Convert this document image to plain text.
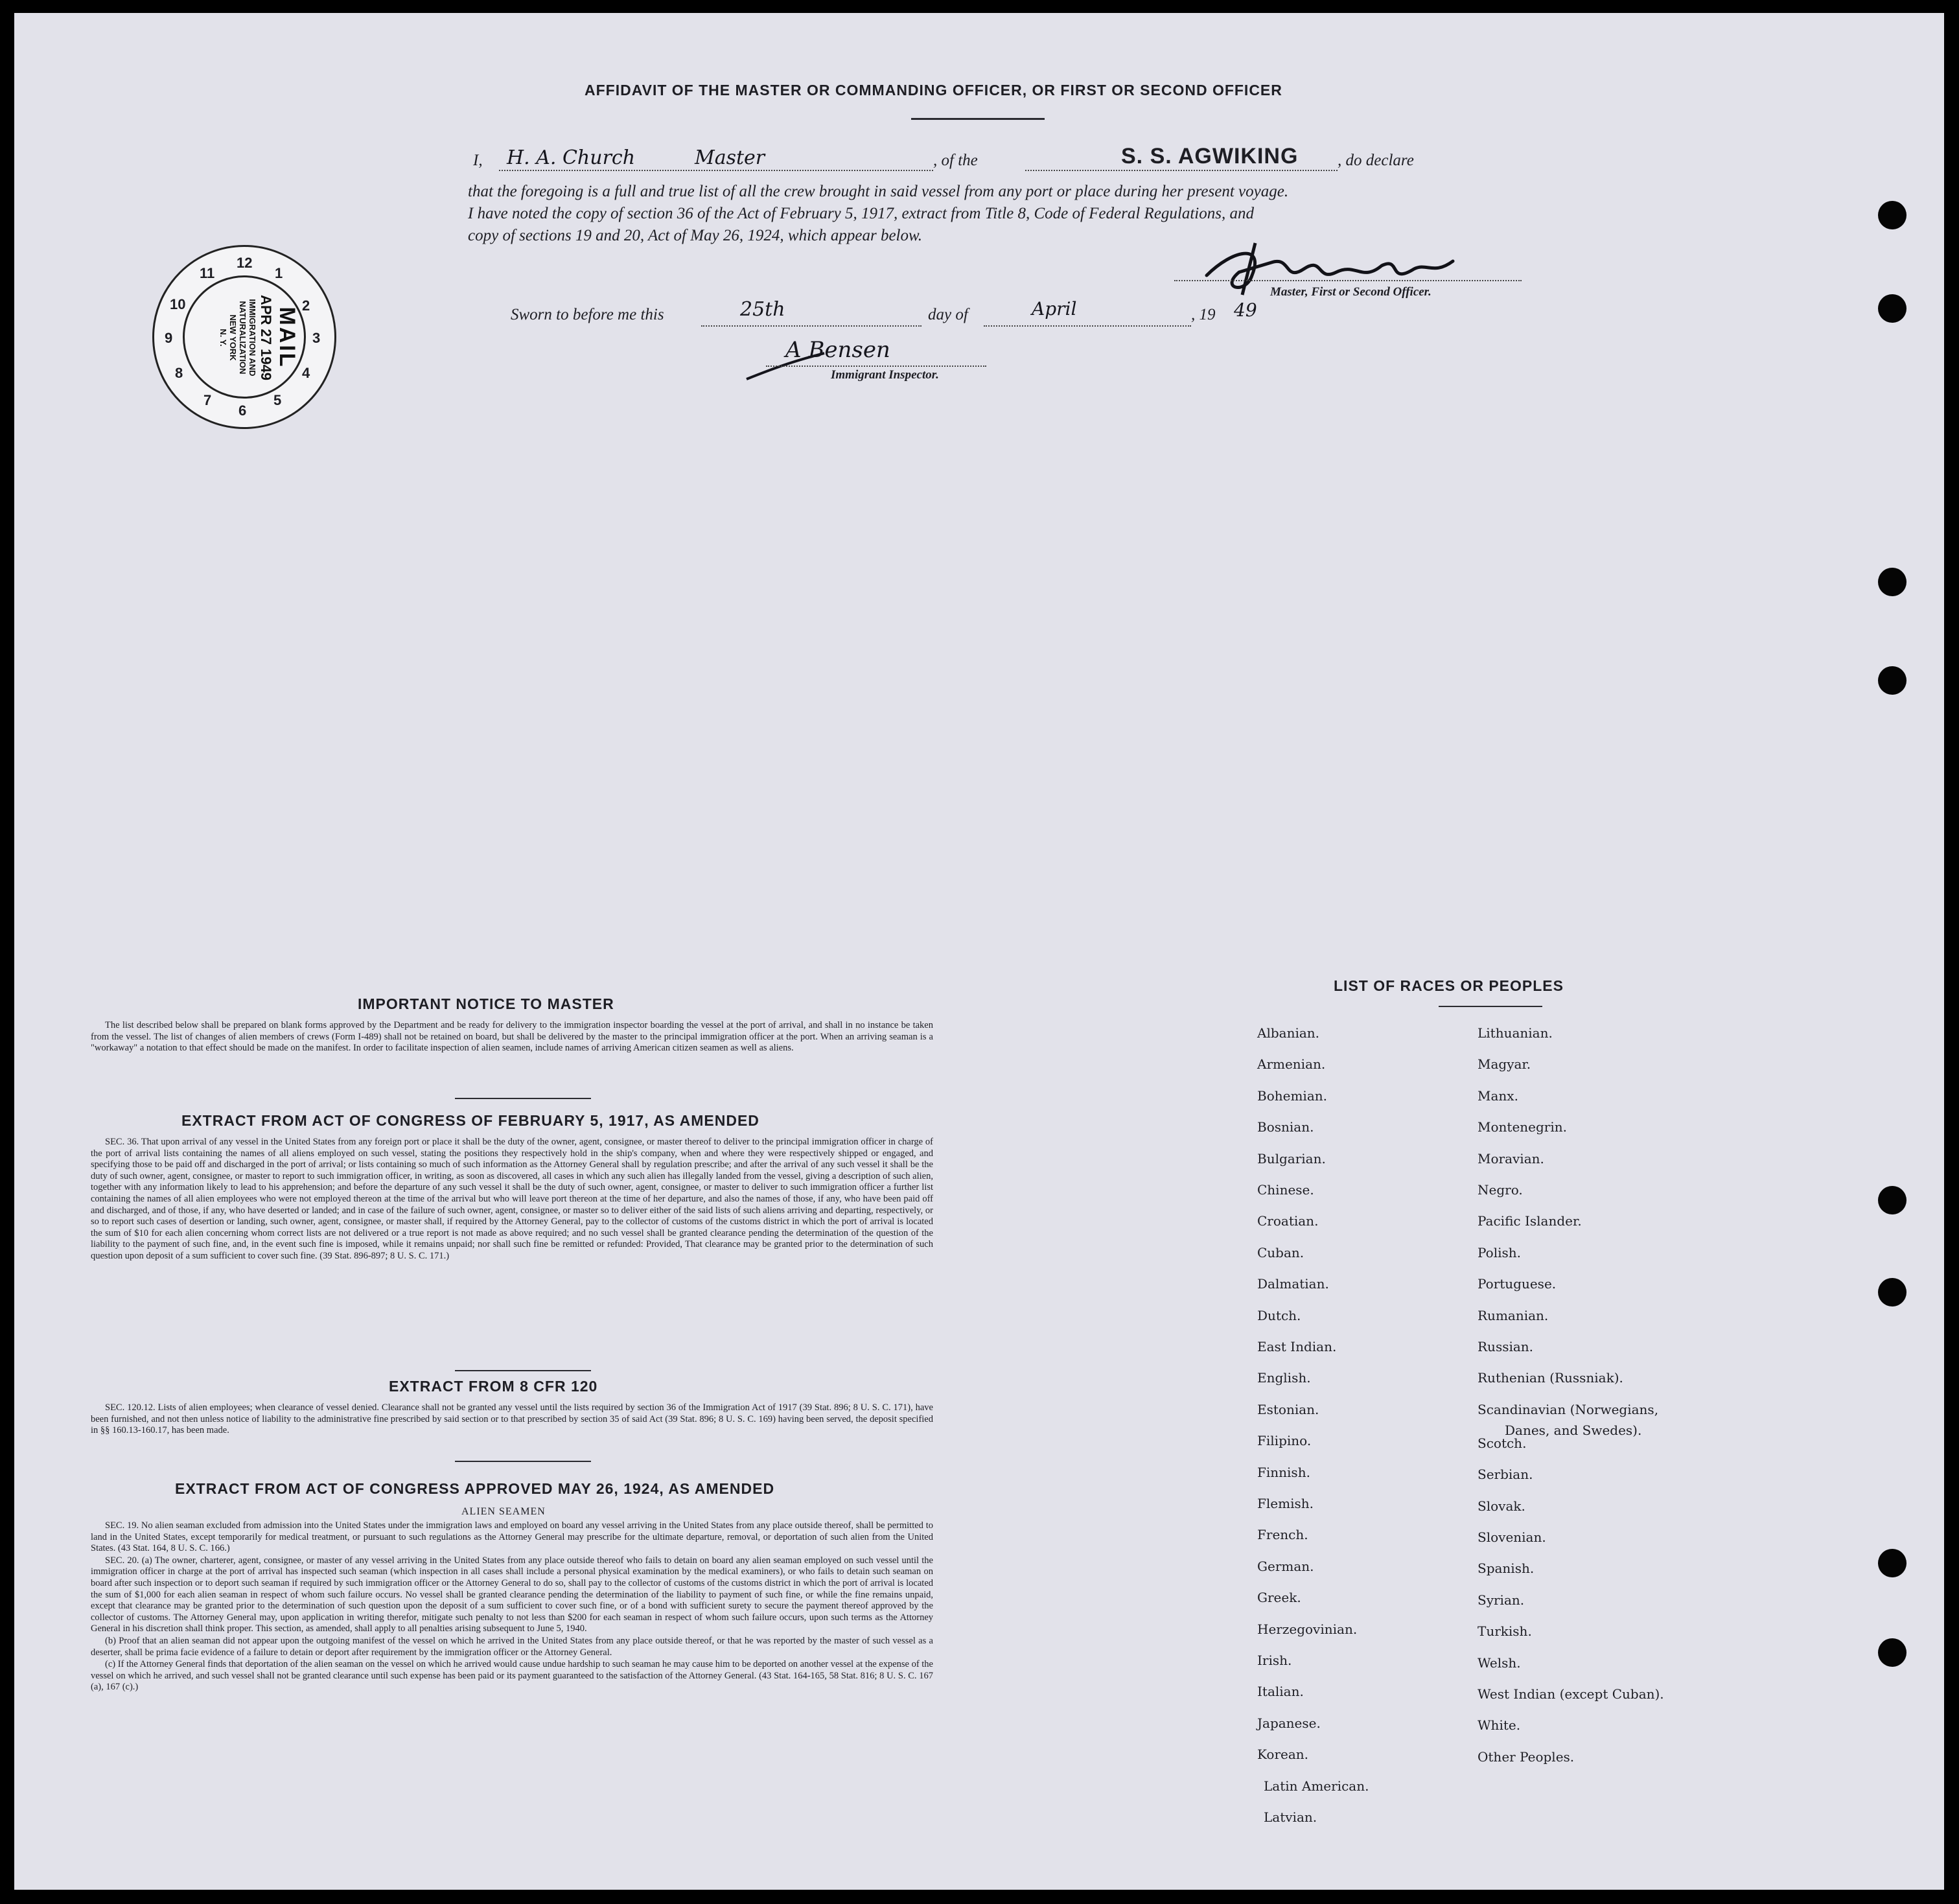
AFFIDAVIT OF THE MASTER OR COMMANDING OFFICER, OR FIRST OR SECOND OFFICER
I, H. A. Church	Master	, of the	S. S. AGWIKING , do declare
that the foregoing is a full and true list of all the crew brought in said vessel from any port or place during her present voyage.
I have noted the copy of section 36 of the Act of February 5, 1917, extract from Title 8, Code of Federal Regulations, and
copy of sections 19 and 20, Act of May 26, 1924, which appear below.
Master, First or Second Officer.
Sworn to before me this	25th	day of	April	, 19 49
A Bensen
Immigrant Inspector.
12
1
2
3
4
5
6
7
8
9
10
11
MAIL
APR 27 1949
IMMIGRATION AND
NATURALIZATION
NEW YORK
N. Y.
IMPORTANT NOTICE TO MASTER

The list described below shall be prepared on blank forms approved by the Department and be ready for delivery to the immigration inspector boarding the vessel at the port of arrival, and shall in no instance be taken from the vessel. The list of changes of alien members of crews (Form I-489) shall not be retained on board, but shall be delivered by the master to the principal immigration officer at the port. When an arriving seaman is a "workaway" a notation to that effect should be made on the manifest. In order to facilitate inspection of alien seamen, include names of arriving American citizen seamen as well as aliens.

EXTRACT FROM ACT OF CONGRESS OF FEBRUARY 5, 1917, AS AMENDED

SEC. 36. That upon arrival of any vessel in the United States from any foreign port or place it shall be the duty of the owner, agent, consignee, or master thereof to deliver to the principal immigration officer in charge of the port of arrival lists containing the names of all aliens employed on such vessel, stating the positions they respectively hold in the ship's company, when and where they were respectively shipped or engaged, and specifying those to be paid off and discharged in the port of arrival; or lists containing so much of such information as the Attorney General shall by regulation prescribe; and after the arrival of any such vessel it shall be the duty of such owner, agent, consignee, or master to report to such immigration officer, in writing, as soon as discovered, all cases in which any such alien has illegally landed from the vessel, giving a description of such alien, together with any information likely to lead to his apprehension; and before the departure of any such vessel it shall be the duty of such owner, agent, consignee, or master to deliver to such immigration officer a further list containing the names of all alien employees who were not employed thereon at the time of the arrival but who will leave port thereon at the time of her departure, and also the names of those, if any, who have been paid off and discharged, and of those, if any, who have deserted or landed; and in case of the failure of such owner, agent, consignee, or master so to deliver either of the said lists of such aliens arriving and departing, respectively, or so to report such cases of desertion or landing, such owner, agent, consignee, or master shall, if required by the Attorney General, pay to the collector of customs of the customs district in which the port of arrival is located the sum of $10 for each alien concerning whom correct lists are not delivered or a true report is not made as above required; and no such vessel shall be granted clearance pending the determination of the question of the liability to the payment of such fine, and, in the event such fine is imposed, while it remains unpaid; nor shall such fine be remitted or refunded: Provided, That clearance may be granted prior to the determination of such question upon deposit of a sum sufficient to cover such fine. (39 Stat. 896-897; 8 U. S. C. 171.)

EXTRACT FROM 8 CFR 120

SEC. 120.12. Lists of alien employees; when clearance of vessel denied. Clearance shall not be granted any vessel until the lists required by section 36 of the Immigration Act of 1917 (39 Stat. 896; 8 U. S. C. 171), have been furnished, and not then unless notice of liability to the administrative fine prescribed by said section or to that prescribed by section 35 of said Act (39 Stat. 896; 8 U. S. C. 169) having been served, the deposit specified in §§ 160.13-160.17, has been made.

EXTRACT FROM ACT OF CONGRESS APPROVED MAY 26, 1924, AS AMENDED
ALIEN SEAMEN

SEC. 19. No alien seaman excluded from admission into the United States under the immigration laws and employed on board any vessel arriving in the United States from any place outside thereof, shall be permitted to land in the United States, except temporarily for medical treatment, or pursuant to such regulations as the Attorney General may prescribe for the ultimate departure, removal, or deportation of such alien from the United States. (43 Stat. 164, 8 U. S. C. 166.)

SEC. 20. (a) The owner, charterer, agent, consignee, or master of any vessel arriving in the United States from any place outside thereof who fails to detain on board any alien seaman employed on such vessel until the immigration officer in charge at the port of arrival has inspected such seaman (which inspection in all cases shall include a personal physical examination by the medical examiners), or who fails to detain such seaman on board after such inspection or to deport such seaman if required by such immigration officer or the Attorney General to do so, shall pay to the collector of customs of the customs district in which the port of arrival is located the sum of $1,000 for each alien seaman in respect of whom such failure occurs. No vessel shall be granted clearance pending the determination of the liability to payment of such fine, or while the fine remains unpaid, except that clearance may be granted prior to the determination of such question upon the deposit of a sum sufficient to cover such fine, or of a bond with sufficient surety to secure the payment thereof approved by the collector of customs. The Attorney General may, upon application in writing therefor, mitigate such penalty to not less than $200 for each seaman in respect of whom such failure occurs, upon such terms as the Attorney General in his discretion shall think proper. This section, as amended, shall apply to all penalties arising subsequent to June 5, 1940.

(b) Proof that an alien seaman did not appear upon the outgoing manifest of the vessel on which he arrived in the United States from any place outside thereof, or that he was reported by the master of such vessel as a deserter, shall be prima facie evidence of a failure to detain or deport after requirement by the immigration officer or the Attorney General.

(c) If the Attorney General finds that deportation of the alien seaman on the vessel on which he arrived would cause undue hardship to such seaman he may cause him to be deported on another vessel at the expense of the vessel on which he arrived, and such vessel shall not be granted clearance until such expense has been paid or its payment guaranteed to the satisfaction of the Attorney General. (43 Stat. 164-165, 58 Stat. 816; 8 U. S. C. 167 (a), 167 (c).)

LIST OF RACES OR PEOPLES
Albanian.
Armenian.
Bohemian.
Bosnian.
Bulgarian.
Chinese.
Croatian.
Cuban.
Dalmatian.
Dutch.
East Indian.
English.
Estonian.
Filipino.
Finnish.
Flemish.
French.
German.
Greek.
Herzegovinian.
Irish.
Italian.
Japanese.
Korean.
Latin American.
Latvian.
Lithuanian.
Magyar.
Manx.
Montenegrin.
Moravian.
Negro.
Pacific Islander.
Polish.
Portuguese.
Rumanian.
Russian.
Ruthenian (Russniak).
Scandinavian (Norwegians,
Danes, and Swedes).
Scotch.
Serbian.
Slovak.
Slovenian.
Spanish.
Syrian.
Turkish.
Welsh.
West Indian (except Cuban).
White.
Other Peoples.
